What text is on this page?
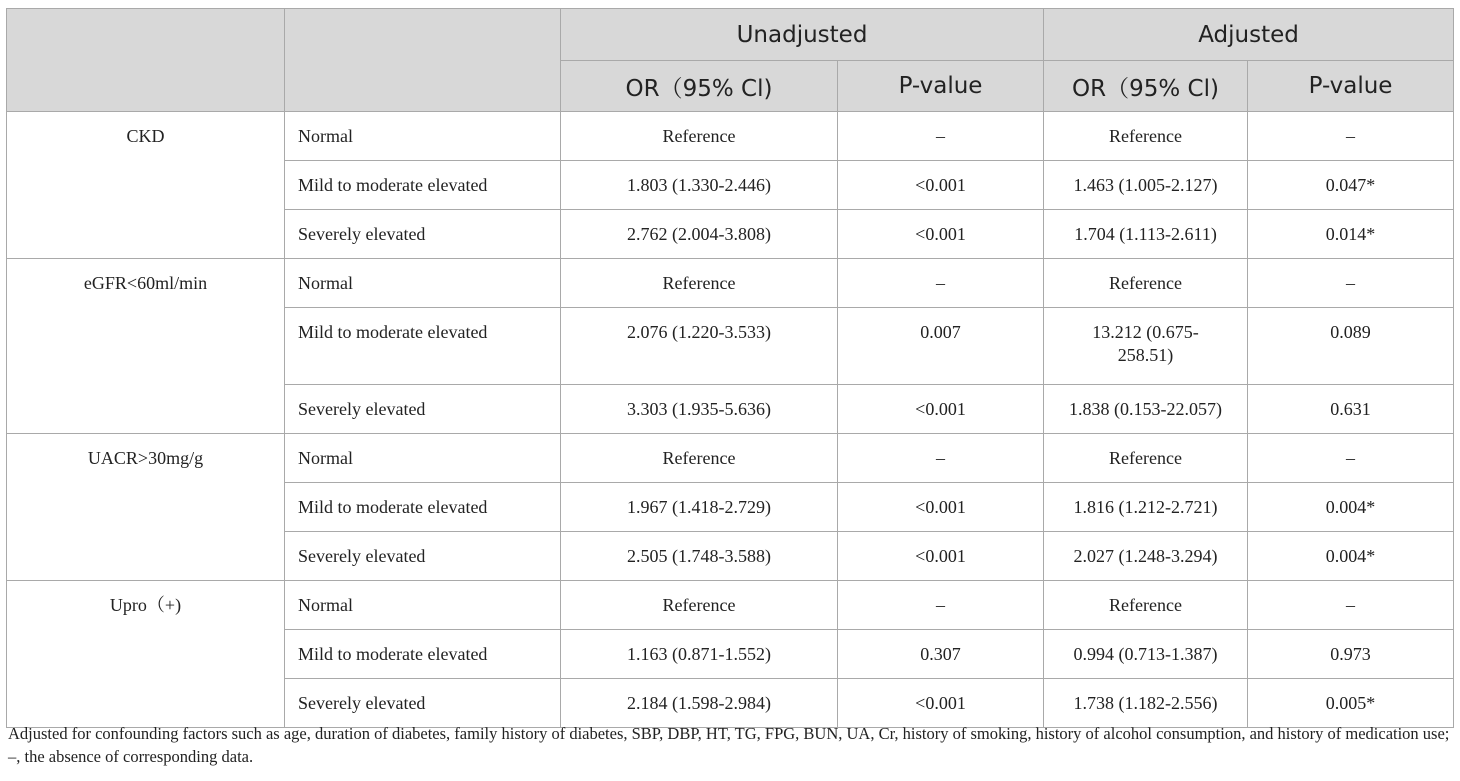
		Unadjusted		Adjusted	
		OR（95% Cl)	P-value	OR（95% Cl)	P-value
CKD	Normal	Reference	–	Reference	–
	Mild to moderate elevated	1.803 (1.330-2.446)	<0.001	1.463 (1.005-2.127)	0.047*
	Severely elevated	2.762 (2.004-3.808)	<0.001	1.704 (1.113-2.611)	0.014*
eGFR<60ml/min	Normal	Reference	–	Reference	–
	Mild to moderate elevated	2.076 (1.220-3.533)	0.007	13.212 (0.675-258.51)	0.089
	Severely elevated	3.303 (1.935-5.636)	<0.001	1.838 (0.153-22.057)	0.631
UACR>30mg/g	Normal	Reference	–	Reference	–
	Mild to moderate elevated	1.967 (1.418-2.729)	<0.001	1.816 (1.212-2.721)	0.004*
	Severely elevated	2.505 (1.748-3.588)	<0.001	2.027 (1.248-3.294)	0.004*
Upro（+)	Normal	Reference	–	Reference	–
	Mild to moderate elevated	1.163 (0.871-1.552)	0.307	0.994 (0.713-1.387)	0.973
	Severely elevated	2.184 (1.598-2.984)	<0.001	1.738 (1.182-2.556)	0.005*
Adjusted for confounding factors such as age, duration of diabetes, family history of diabetes, SBP, DBP, HT, TG, FPG, BUN, UA, Cr, history of smoking, history of alcohol consumption, and history of medication use; –, the absence of corresponding data.
